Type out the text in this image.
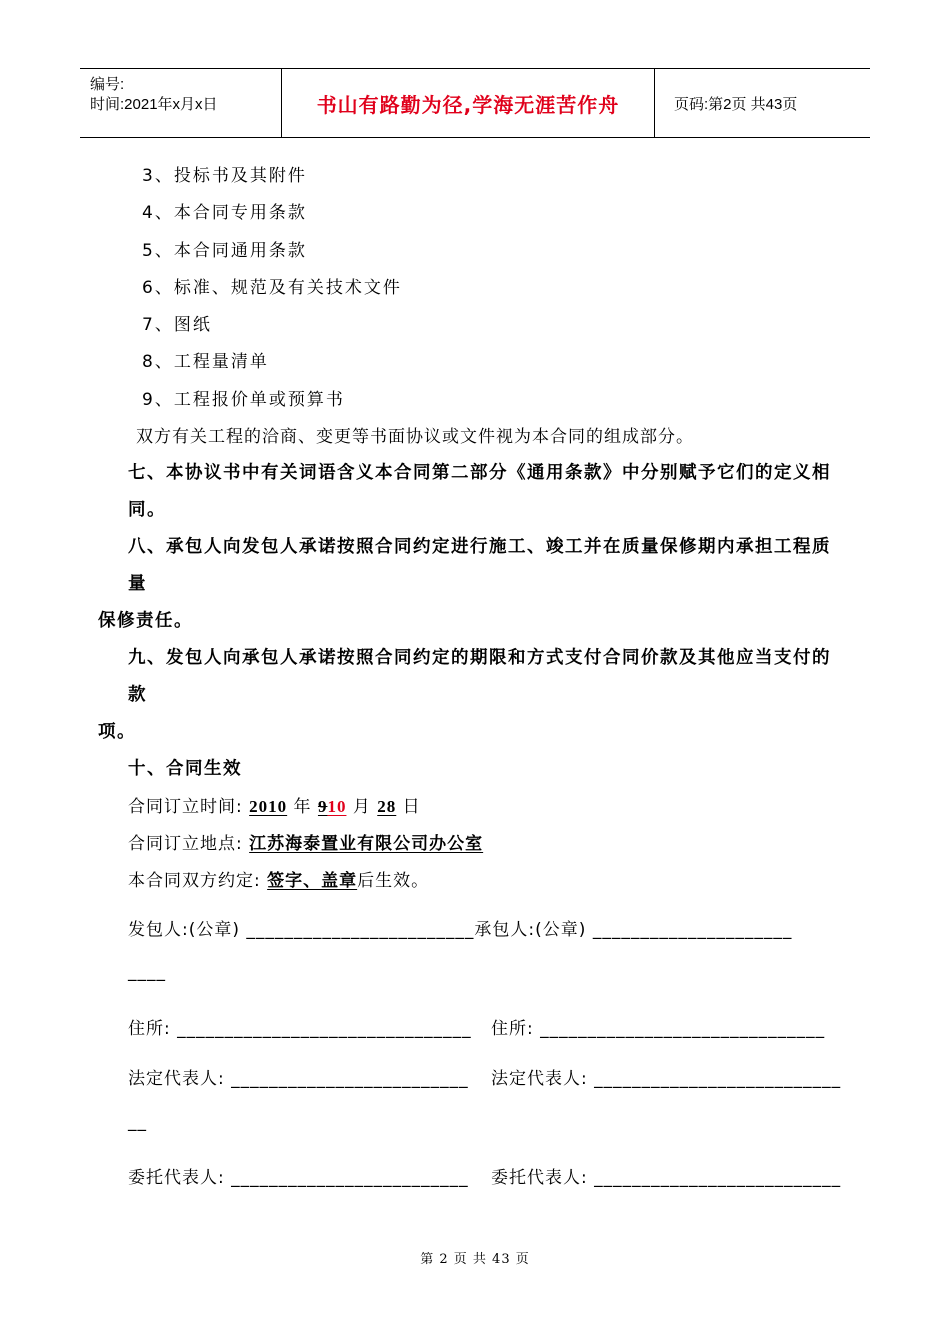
编号:
时间:2021年x月x日	书山有路勤为径,学海无涯苦作舟	页码:第2页 共43页
3、投标书及其附件
4、本合同专用条款
5、本合同通用条款
6、标准、规范及有关技术文件
7、图纸
8、工程量清单
9、工程报价单或预算书
双方有关工程的洽商、变更等书面协议或文件视为本合同的组成部分。
七、本协议书中有关词语含义本合同第二部分《通用条款》中分别赋予它们的定义相
同。
八、承包人向发包人承诺按照合同约定进行施工、竣工并在质量保修期内承担工程质
量
保修责任。
九、发包人向承包人承诺按照合同约定的期限和方式支付合同价款及其他应当支付的
款
项。
十、合同生效
合同订立时间: 2010 年 910 月 28 日
合同订立地点: 江苏海泰置业有限公司办公室
本合同双方约定: 签字、盖章后生效。
发包人:(公章) ________________________承包人:(公章) _____________________
____
住所: _______________________________ 住所: ______________________________
法定代表人: _________________________ 法定代表人: __________________________
__
委托代表人: _________________________ 委托代表人: __________________________
第 2 页 共 43 页
